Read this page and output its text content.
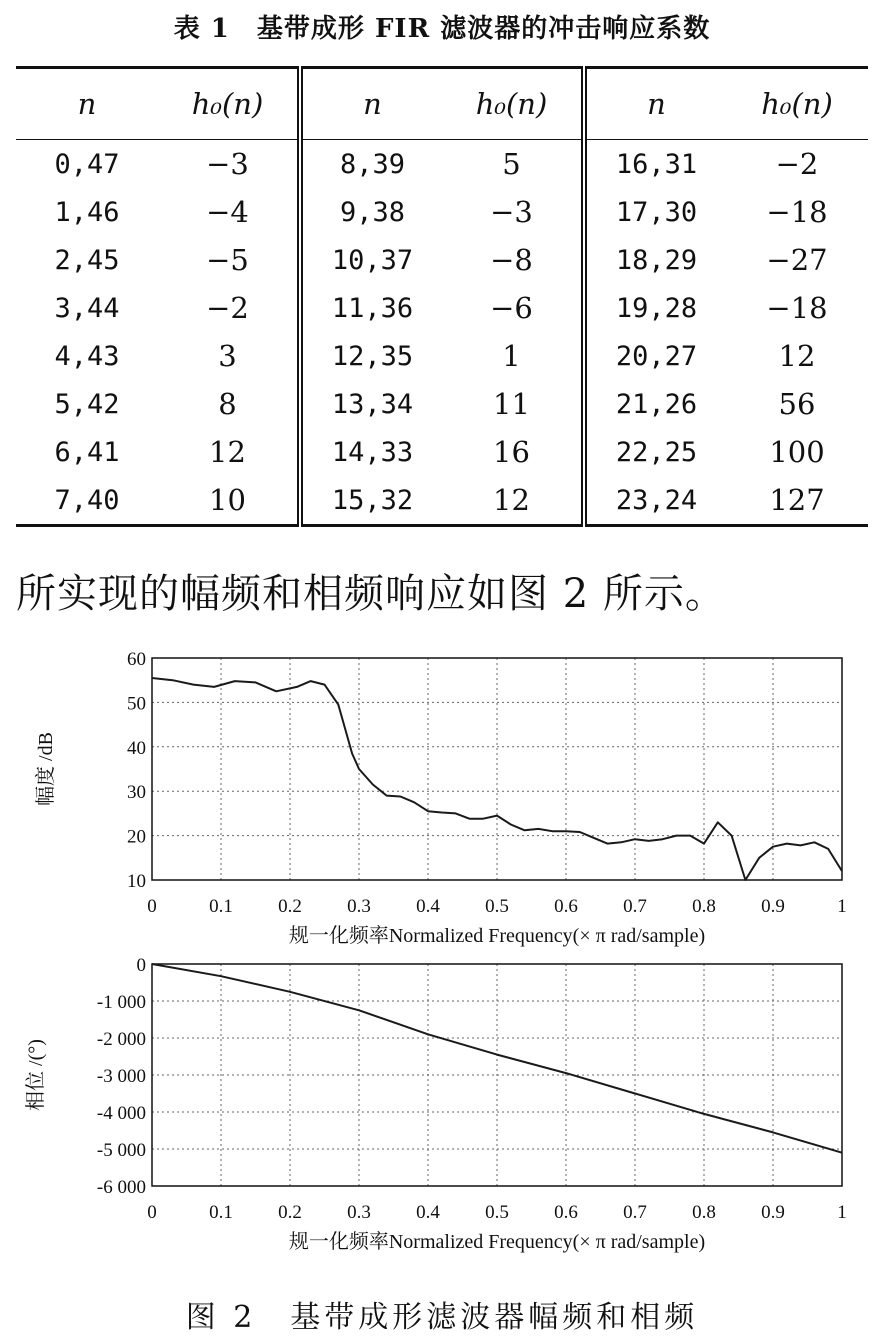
表 1　基带成形 FIR 滤波器的冲击响应系数
n	h₀(n)	n	h₀(n)	n	h₀(n)
0,47	−3	8,39	5	16,31	−2
1,46	−4	9,38	−3	17,30	−18
2,45	−5	10,37	−8	18,29	−27
3,44	−2	11,36	−6	19,28	−18
4,43	3	12,35	1	20,27	12
5,42	8	13,34	11	21,26	56
6,41	12	14,33	16	22,25	100
7,40	10	15,32	12	23,24	127
所实现的幅频和相频响应如图 2 所示。
0	0.1 0.2 0.3 0.4 0.5 0.6 0.7 0.8 0.9	1
10
20
30
40
50
60
规一化频率Normalized Frequency(× π rad/sample)
幅度 /dB
0	0.1 0.2 0.3 0.4 0.5 0.6 0.7 0.8 0.9	1
0
-1 000
-2 000
-3 000
-4 000
-5 000
-6 000
规一化频率Normalized Frequency(× π rad/sample)
相位 /(°)
图 2　基带成形滤波器幅频和相频
